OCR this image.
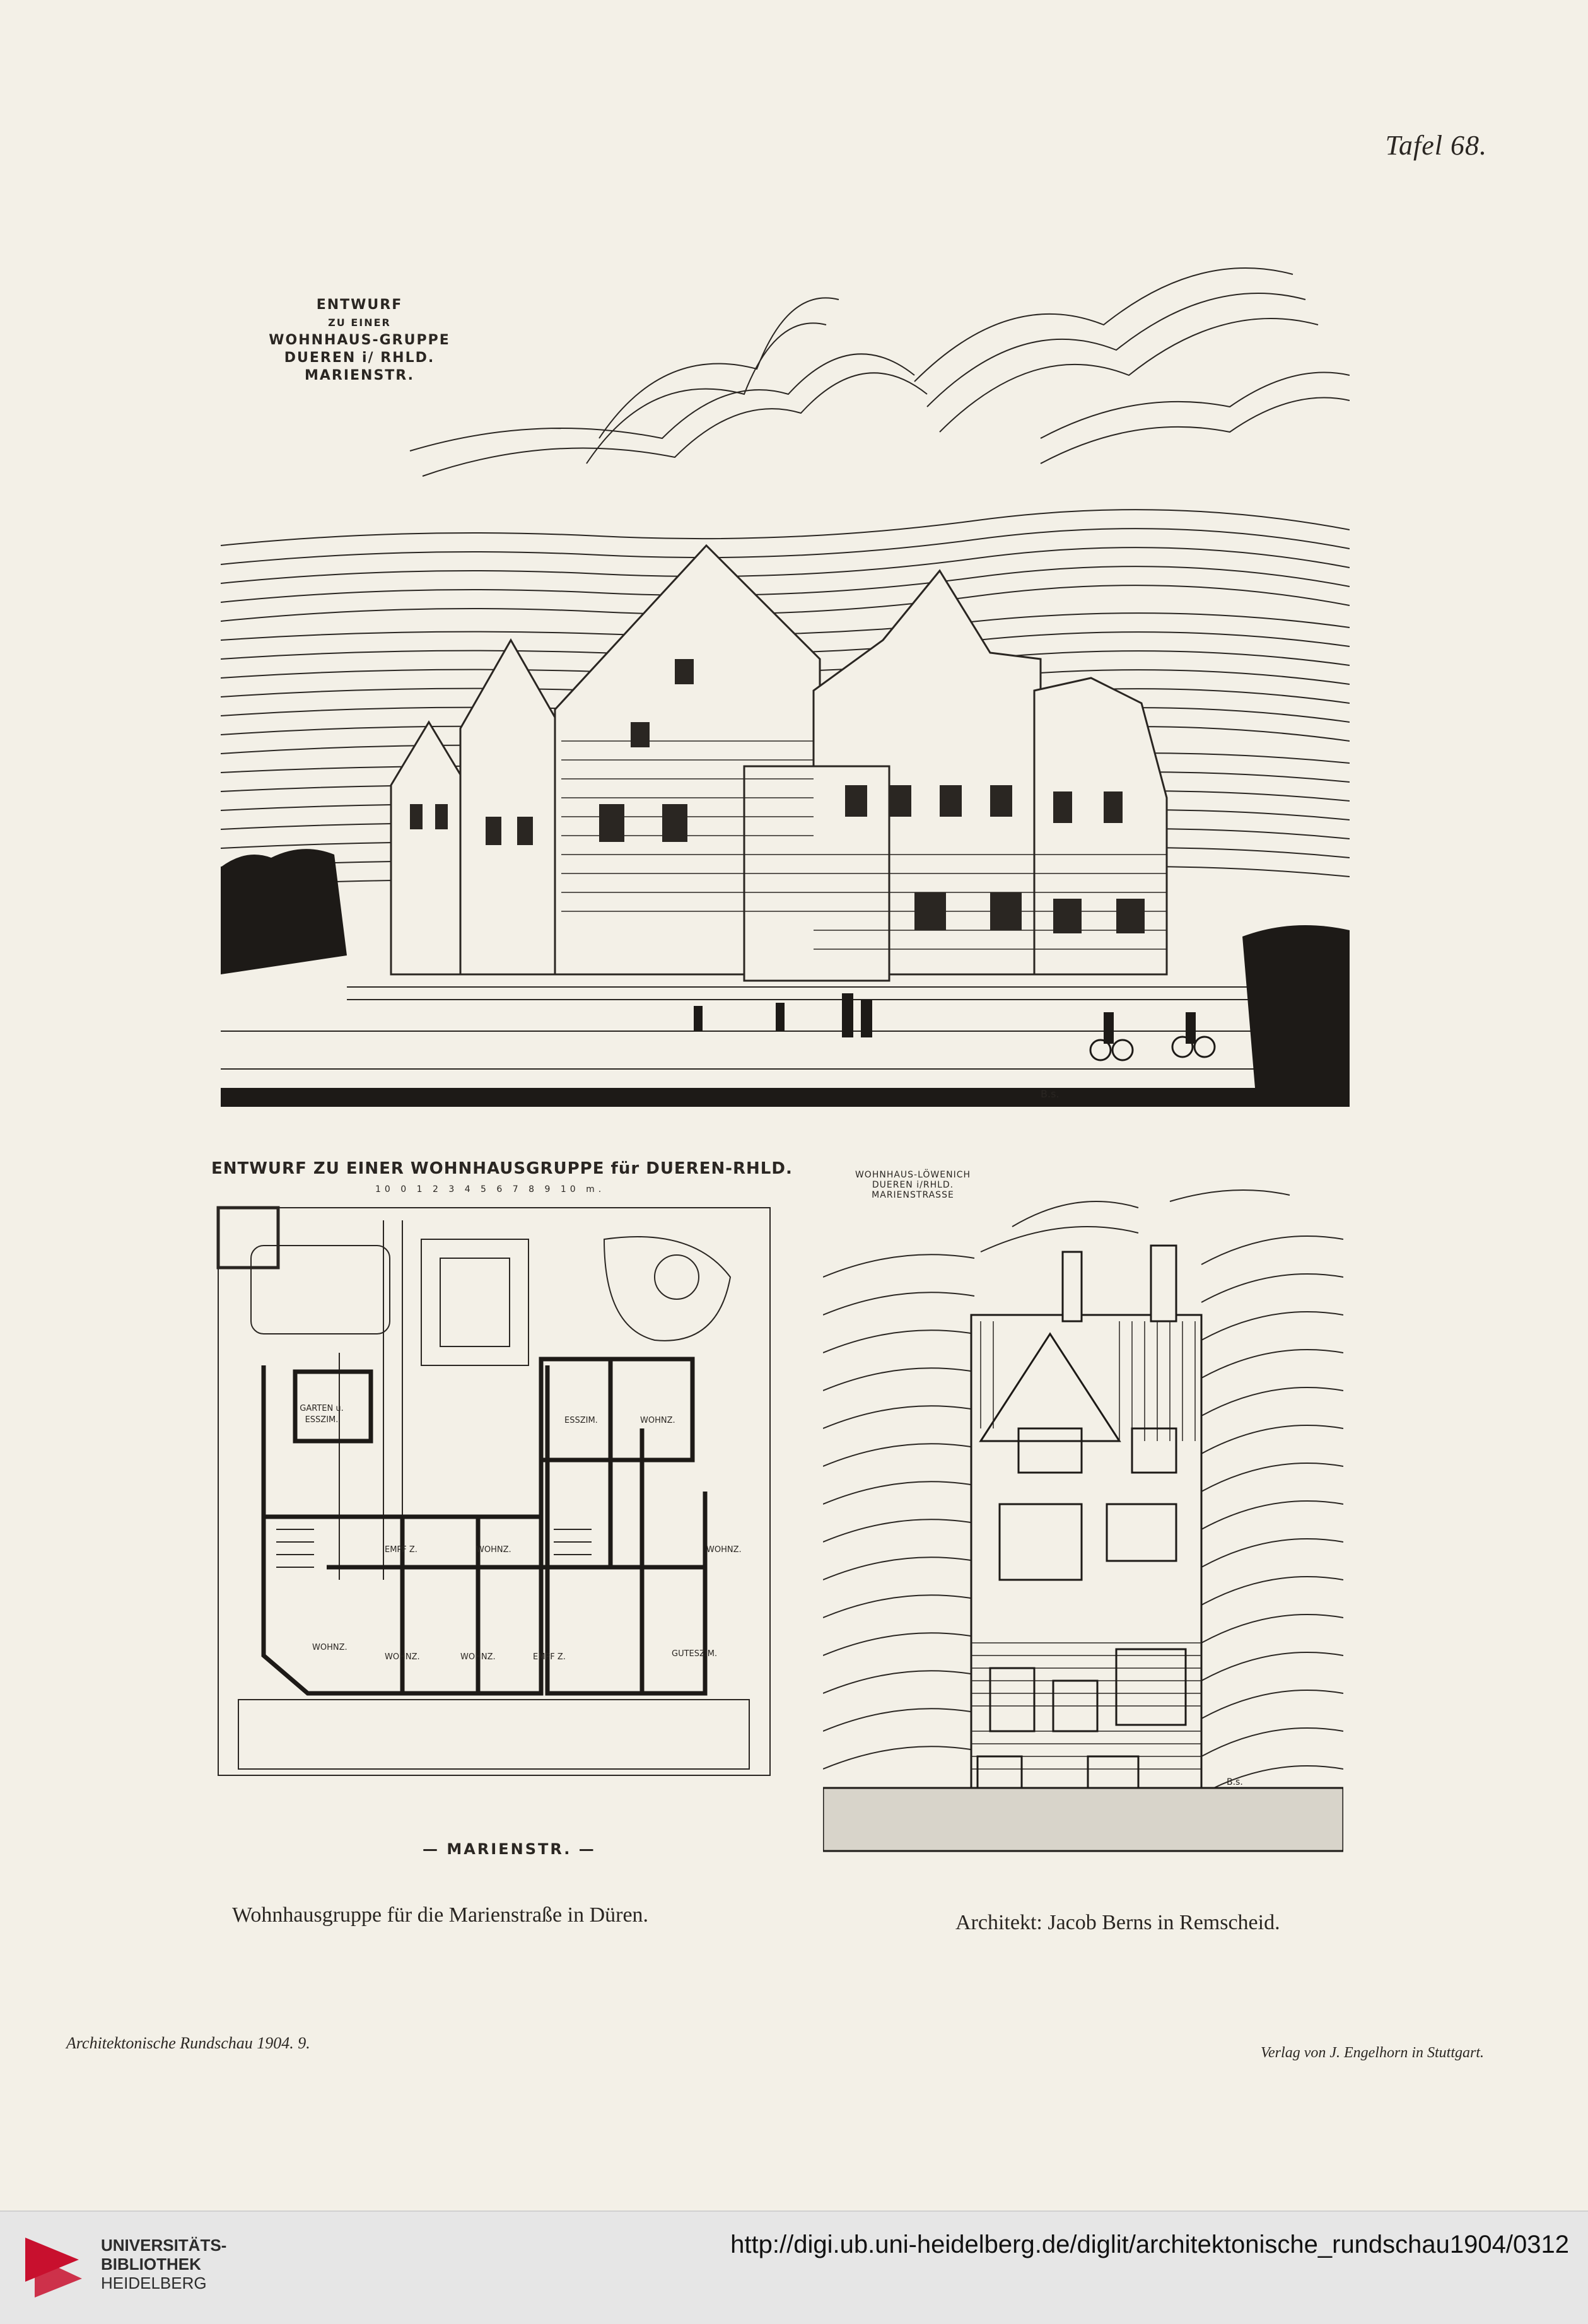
Tafel 68.
ENTWURF
ZU EINER
WOHNHAUS-GRUPPE
DUEREN i/ RHLD.
MARIENSTR.
B.s.
ENTWURF ZU EINER WOHNHAUSGRUPPE für DUEREN-RHLD.
10 0 1 2 3 4 5 6 7 8 9 10 m.
GARTEN u. ESSZIM.	ESSZIM.	WOHNZ.
EMPF Z.	WOHNZ.	WOHNZ.
WOHNZ.
WOHNZ.	WOHNZ.	EMPF Z.	GUTESZIM.
— MARIENSTR. —
WOHNHAUS-LÖWENICH
DUEREN i/RHLD.
MARIENSTRASSE
B.s.
Wohnhausgruppe für die Marienstraße in Düren.	Architekt: Jacob Berns in Remscheid.
Architektonische Rundschau 1904. 9.
Verlag von J. Engelhorn in Stuttgart.
UNIVERSITÄTS-
BIBLIOTHEK
HEIDELBERG
http://digi.ub.uni-heidelberg.de/diglit/architektonische_rundschau1904/0312
